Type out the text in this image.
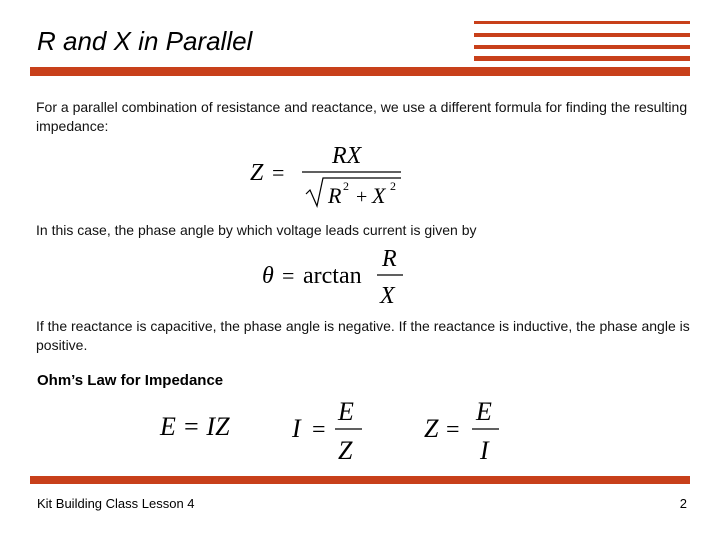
R and X in Parallel
For a parallel combination of resistance and reactance, we use a different formula for finding the resulting impedance:
Z =
RX
R 2 + X 2
In this case, the phase angle by which voltage leads current is given by
θ = arctan
R
X
If the reactance is capacitive, the phase angle is negative. If the reactance is inductive, the phase angle is positive.
Ohm’s Law for Impedance
E = IZ I =
E
Z
Z =
E
I
Kit Building Class Lesson 4	2
